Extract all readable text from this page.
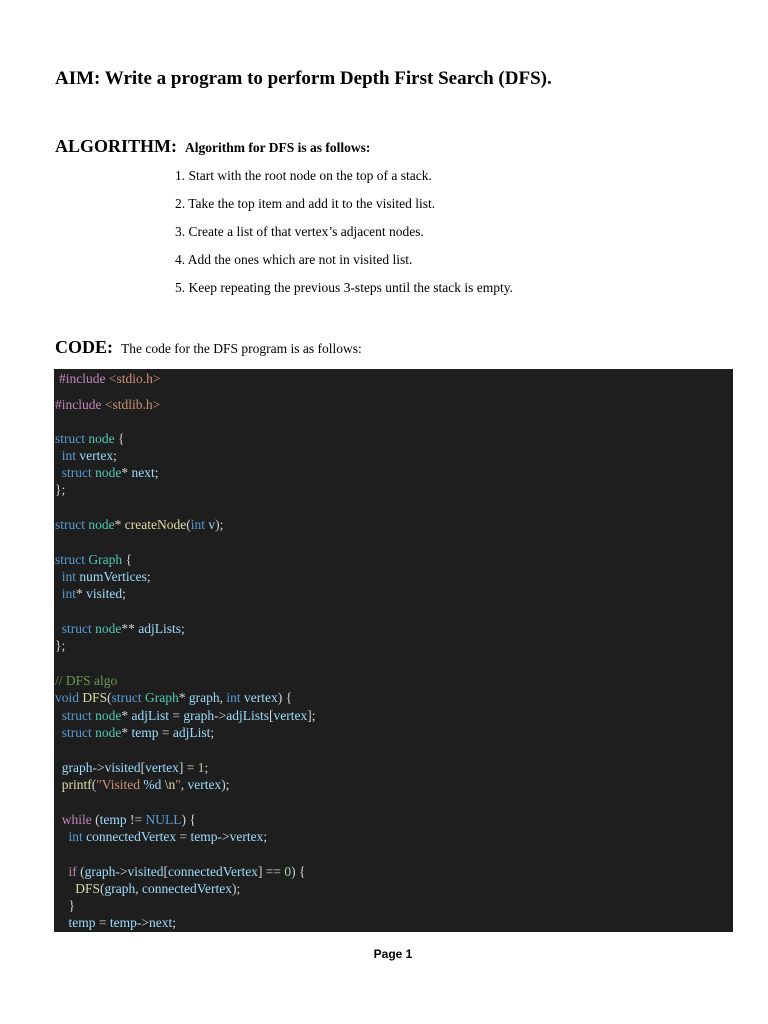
AIM: Write a program to perform Depth First Search (DFS).
ALGORITHM: Algorithm for DFS is as follows:
1. Start with the root node on the top of a stack.
2. Take the top item and add it to the visited list.
3. Create a list of that vertex’s adjacent nodes.
4. Add the ones which are not in visited list.
5. Keep repeating the previous 3-steps until the stack is empty.
CODE: The code for the DFS program is as follows:
#include <stdio.h>
#include <stdlib.h>
struct node {
int vertex;
struct node* next;
};
struct node* createNode(int v);
struct Graph {
int numVertices;
int* visited;
struct node** adjLists;
};
// DFS algo
void DFS(struct Graph* graph, int vertex) {
struct node* adjList = graph->adjLists[vertex];
struct node* temp = adjList;
graph->visited[vertex] = 1;
printf("Visited %d \n", vertex);
while (temp != NULL) {
int connectedVertex = temp->vertex;
if (graph->visited[connectedVertex] == 0) {
DFS(graph, connectedVertex);
}
temp = temp->next;
Page 1
